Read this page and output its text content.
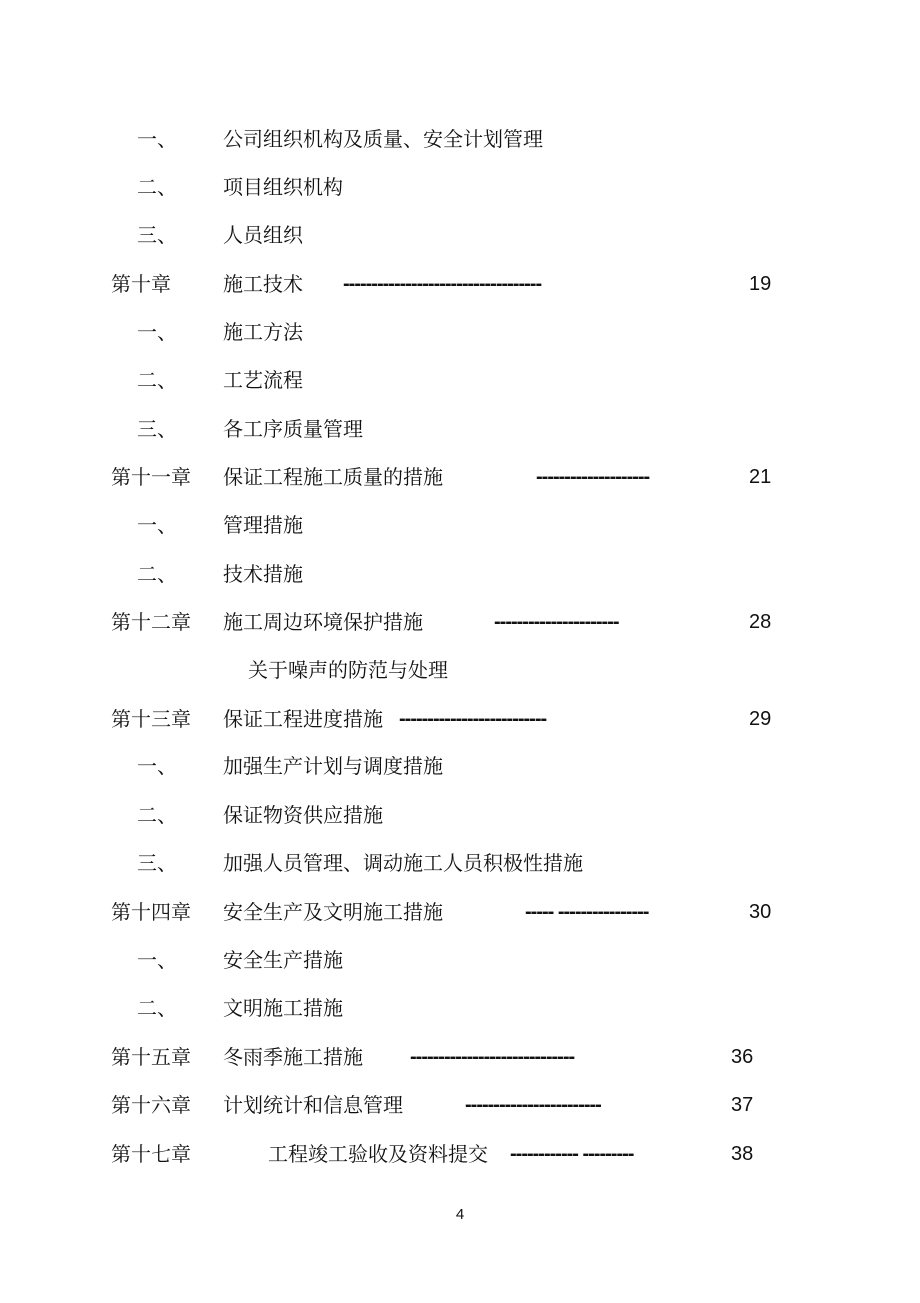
一、 公司组织机构及质量、安全计划管理
二、 项目组织机构
三、 人员组织
第十章	施工技术 -----------------------------------	19
一、 施工方法
二、 工艺流程
三、 各工序质量管理
第十一章 保证工程施工质量的措施	--------------------	21
一、 管理措施
二、 技术措施
第十二章 施工周边环境保护措施	----------------------	28
关于噪声的防范与处理
第十三章 保证工程进度措施 --------------------------	29
一、 加强生产计划与调度措施
二、 保证物资供应措施
三、 加强人员管理、调动施工人员积极性措施
第十四章 安全生产及文明施工措施	----- ----------------	30
一、 安全生产措施
二、 文明施工措施
第十五章 冬雨季施工措施 -----------------------------	36
第十六章 计划统计和信息管理	------------------------	37
第十七章	工程竣工验收及资料提交 ------------ ---------	38
4
